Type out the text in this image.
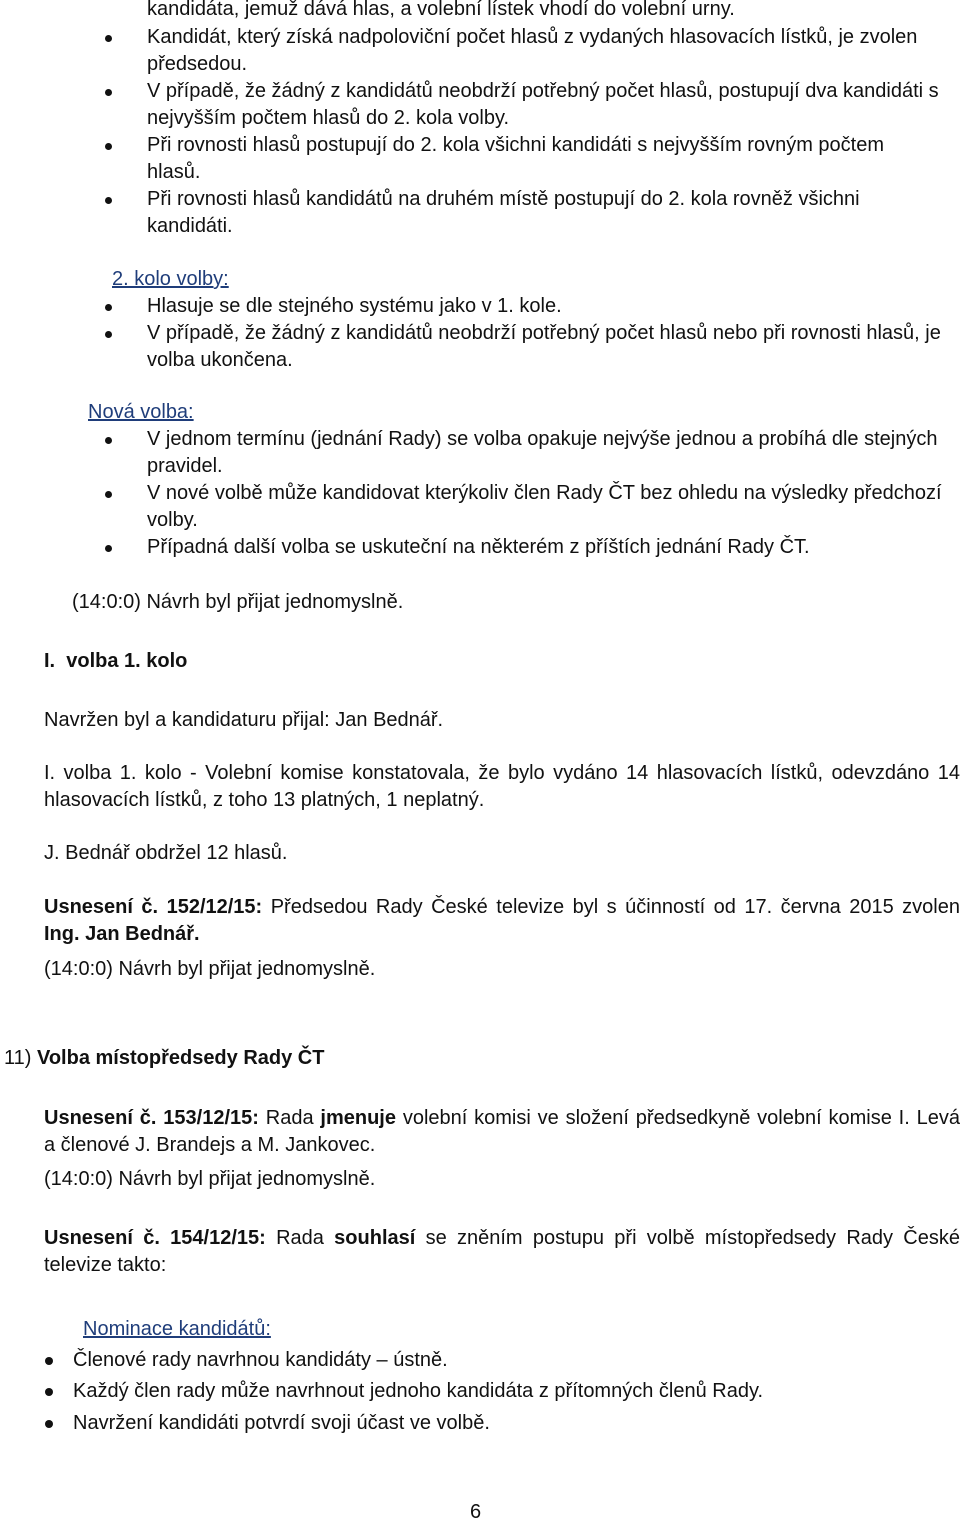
kandidáta, jemuž dává hlas, a volební lístek vhodí do volební urny.
Kandidát, který získá nadpoloviční počet hlasů z vydaných hlasovacích lístků, je zvolen předsedou.
V případě, že žádný z kandidátů neobdrží potřebný počet hlasů, postupují dva kandidáti s nejvyšším počtem hlasů do 2. kola volby.
Při rovnosti hlasů postupují do 2. kola všichni kandidáti s nejvyšším rovným počtem hlasů.
Při rovnosti hlasů kandidátů na druhém místě postupují do 2. kola rovněž všichni kandidáti.
2. kolo volby:
Hlasuje se dle stejného systému jako v 1. kole.
V případě, že žádný z kandidátů neobdrží potřebný počet hlasů nebo při rovnosti hlasů, je volba ukončena.
Nová volba:
V jednom termínu (jednání Rady) se volba opakuje nejvýše jednou a probíhá dle stejných pravidel.
V nové volbě může kandidovat kterýkoliv člen Rady ČT bez ohledu na výsledky předchozí volby.
Případná další volba se uskuteční na některém z příštích jednání Rady ČT.
(14:0:0) Návrh byl přijat jednomyslně.
I.  volba 1. kolo
Navržen byl a kandidaturu přijal: Jan Bednář.
I. volba 1. kolo - Volební komise konstatovala, že bylo vydáno 14 hlasovacích lístků, odevzdáno 14 hlasovacích lístků, z toho 13 platných, 1 neplatný.
J. Bednář obdržel 12 hlasů.
Usnesení č. 152/12/15: Předsedou Rady České televize byl s účinností od 17. června 2015 zvolen Ing. Jan Bednář.
(14:0:0) Návrh byl přijat jednomyslně.
11) Volba místopředsedy Rady ČT
Usnesení č. 153/12/15: Rada jmenuje volební komisi ve složení předsedkyně volební komise I. Levá a členové J. Brandejs a M. Jankovec.
(14:0:0) Návrh byl přijat jednomyslně.
Usnesení č. 154/12/15: Rada souhlasí se zněním postupu při volbě místopředsedy Rady České televize takto:
Nominace kandidátů:
Členové rady navrhnou kandidáty – ústně.
Každý člen rady může navrhnout jednoho kandidáta z přítomných členů Rady.
Navržení kandidáti potvrdí svoji účast ve volbě.
6
